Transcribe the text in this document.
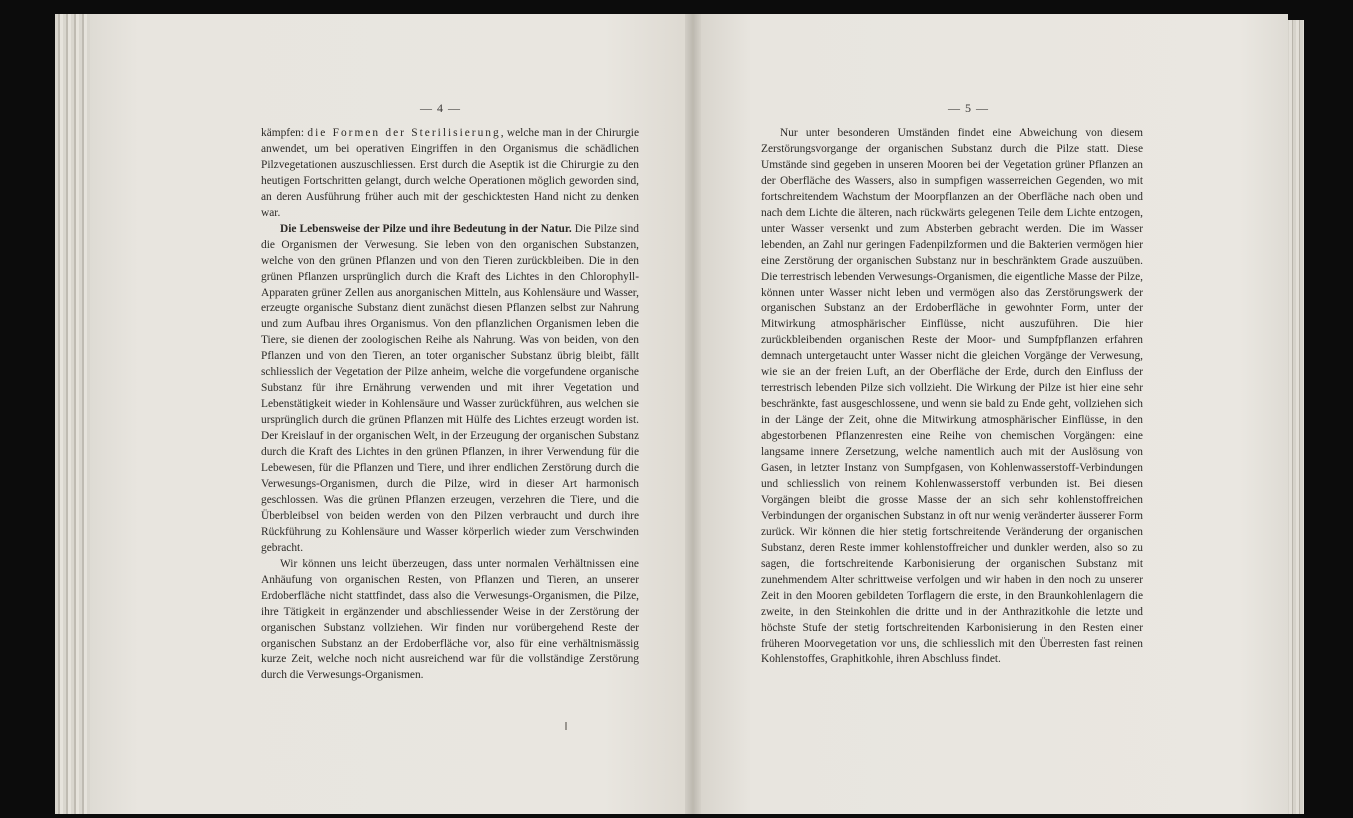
— 4 —	— 5 —

kämpfen: die Formen der Sterilisierung, welche man in der Chirurgie anwendet, um bei operativen Eingriffen in den Organismus die schädlichen Pilzvegetationen auszuschliessen. Erst durch die Aseptik ist die Chirurgie zu den heutigen Fortschritten gelangt, durch welche Operationen möglich geworden sind, an deren Ausführung früher auch mit der geschicktesten Hand nicht zu denken war.

Die Lebensweise der Pilze und ihre Bedeutung in der Natur. Die Pilze sind die Organismen der Verwesung. Sie leben von den organischen Substanzen, welche von den grünen Pflanzen und von den Tieren zurückbleiben. Die in den grünen Pflanzen ursprünglich durch die Kraft des Lichtes in den Chlorophyll-Apparaten grüner Zellen aus anorganischen Mitteln, aus Kohlensäure und Wasser, erzeugte organische Substanz dient zunächst diesen Pflanzen selbst zur Nahrung und zum Aufbau ihres Organismus. Von den pflanzlichen Organismen leben die Tiere, sie dienen der zoologischen Reihe als Nahrung. Was von beiden, von den Pflanzen und von den Tieren, an toter organischer Substanz übrig bleibt, fällt schliesslich der Vegetation der Pilze anheim, welche die vorgefundene organische Substanz für ihre Ernährung verwenden und mit ihrer Vegetation und Lebenstätigkeit wieder in Kohlensäure und Wasser zurückführen, aus welchen sie ursprünglich durch die grünen Pflanzen mit Hülfe des Lichtes erzeugt worden ist. Der Kreislauf in der organischen Welt, in der Erzeugung der organischen Substanz durch die Kraft des Lichtes in den grünen Pflanzen, in ihrer Verwendung für die Lebewesen, für die Pflanzen und Tiere, und ihrer endlichen Zerstörung durch die Verwesungs-Organismen, durch die Pilze, wird in dieser Art harmonisch geschlossen. Was die grünen Pflanzen erzeugen, verzehren die Tiere, und die Überbleibsel von beiden werden von den Pilzen verbraucht und durch ihre Rückführung zu Kohlensäure und Wasser körperlich wieder zum Verschwinden gebracht.

Wir können uns leicht überzeugen, dass unter normalen Verhältnissen eine Anhäufung von organischen Resten, von Pflanzen und Tieren, an unserer Erdoberfläche nicht stattfindet, dass also die Verwesungs-Organismen, die Pilze, ihre Tätigkeit in ergänzender und abschliessender Weise in der Zerstörung der organischen Substanz vollziehen. Wir finden nur vorübergehend Reste der organischen Substanz an der Erdoberfläche vor, also für eine verhältnismässig kurze Zeit, welche noch nicht ausreichend war für die vollständige Zerstörung durch die Verwesungs-Organismen.

Nur unter besonderen Umständen findet eine Abweichung von diesem Zerstörungsvorgange der organischen Substanz durch die Pilze statt. Diese Umstände sind gegeben in unseren Mooren bei der Vegetation grüner Pflanzen an der Oberfläche des Wassers, also in sumpfigen wasserreichen Gegenden, wo mit fortschreitendem Wachstum der Moorpflanzen an der Oberfläche nach oben und nach dem Lichte die älteren, nach rückwärts gelegenen Teile dem Lichte entzogen, unter Wasser versenkt und zum Absterben gebracht werden. Die im Wasser lebenden, an Zahl nur geringen Fadenpilzformen und die Bakterien vermögen hier eine Zerstörung der organischen Substanz nur in beschränktem Grade auszuüben. Die terrestrisch lebenden Verwesungs-Organismen, die eigentliche Masse der Pilze, können unter Wasser nicht leben und vermögen also das Zerstörungswerk der organischen Substanz an der Erdoberfläche in gewohnter Form, unter der Mitwirkung atmosphärischer Einflüsse, nicht auszuführen. Die hier zurückbleibenden organischen Reste der Moor- und Sumpfpflanzen erfahren demnach untergetaucht unter Wasser nicht die gleichen Vorgänge der Verwesung, wie sie an der freien Luft, an der Oberfläche der Erde, durch den Einfluss der terrestrisch lebenden Pilze sich vollzieht. Die Wirkung der Pilze ist hier eine sehr beschränkte, fast ausgeschlossene, und wenn sie bald zu Ende geht, vollziehen sich in der Länge der Zeit, ohne die Mitwirkung atmosphärischer Einflüsse, in den abgestorbenen Pflanzenresten eine Reihe von chemischen Vorgängen: eine langsame innere Zersetzung, welche namentlich auch mit der Auslösung von Gasen, in letzter Instanz von Sumpfgasen, von Kohlenwasserstoff-Verbindungen und schliesslich von reinem Kohlenwasserstoff verbunden ist. Bei diesen Vorgängen bleibt die grosse Masse der an sich sehr kohlenstoffreichen Verbindungen der organischen Substanz in oft nur wenig veränderter äusserer Form zurück. Wir können die hier stetig fortschreitende Veränderung der organischen Substanz, deren Reste immer kohlenstoffreicher und dunkler werden, also so zu sagen, die fortschreitende Karbonisierung der organischen Substanz mit zunehmendem Alter schrittweise verfolgen und wir haben in den noch zu unserer Zeit in den Mooren gebildeten Torflagern die erste, in den Braunkohlenlagern die zweite, in den Steinkohlen die dritte und in der Anthrazitkohle die letzte und höchste Stufe der stetig fortschreitenden Karbonisierung in den Resten einer früheren Moorvegetation vor uns, die schliesslich mit den Überresten fast reinen Kohlenstoffes, Graphitkohle, ihren Abschluss findet.
